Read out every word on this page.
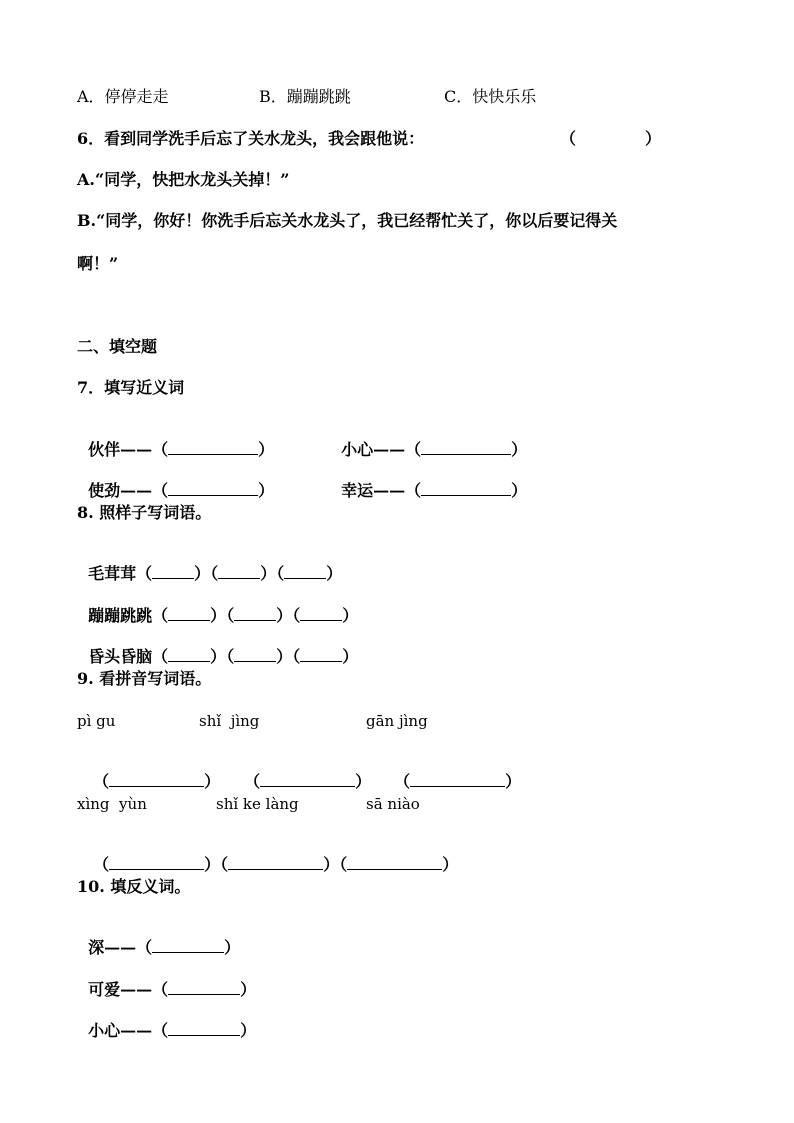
A．停停走走	B．蹦蹦跳跳	C．快快乐乐
6．看到同学洗手后忘了关水龙头，我会跟他说：	（	）
A.“同学，快把水龙头关掉！”
B.“同学，你好！你洗手后忘关水龙头了，我已经帮忙关了，你以后要记得关
啊！”
二、填空题
7．填写近义词

伙伴——（	）	小心——（	）

使劲——（	）	幸运——（	）

8. 照样子写词语。

毛茸茸（	）（	）（	）

蹦蹦跳跳（	）（	）（	）

昏头昏脑（	）（	）（	）

9. 看拼音写词语。
pì gu	shǐ  jìng	gān jìng

（	）	（	）	（	）

xìng  yùn	shǐ ke làng	sā niào

（	）（	）（	）

10. 填反义词。

深——（	）

可爱——（	）

小心——（	）
